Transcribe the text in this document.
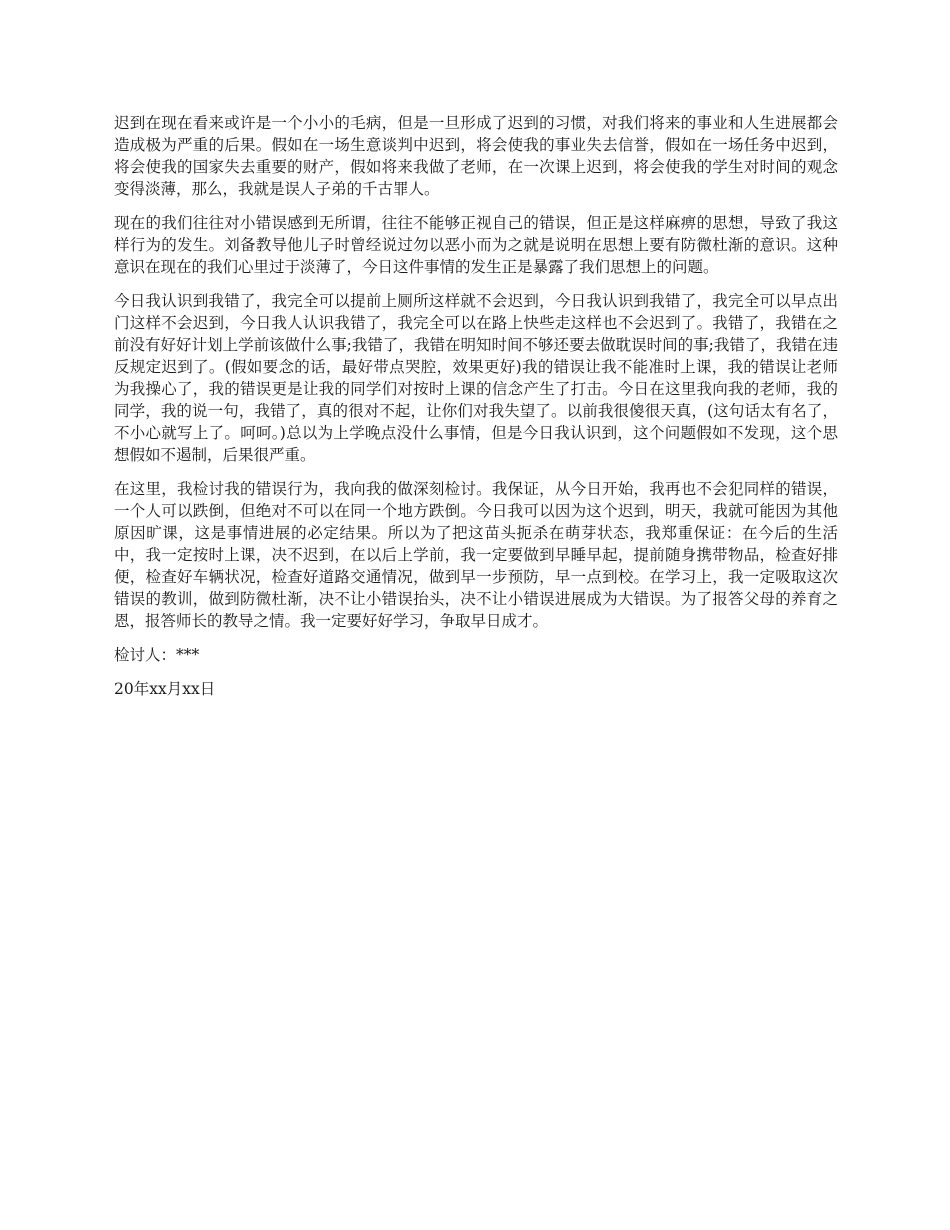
迟到在现在看来或许是一个小小的毛病，但是一旦形成了迟到的习惯，对我们将来的事业和人生进展都会造成极为严重的后果。假如在一场生意谈判中迟到，将会使我的事业失去信誉，假如在一场任务中迟到，将会使我的国家失去重要的财产，假如将来我做了老师，在一次课上迟到，将会使我的学生对时间的观念变得淡薄，那么，我就是误人子弟的千古罪人。

现在的我们往往对小错误感到无所谓，往往不能够正视自己的错误，但正是这样麻痹的思想，导致了我这样行为的发生。刘备教导他儿子时曾经说过勿以恶小而为之就是说明在思想上要有防微杜渐的意识。这种意识在现在的我们心里过于淡薄了，今日这件事情的发生正是暴露了我们思想上的问题。

今日我认识到我错了，我完全可以提前上厕所这样就不会迟到，今日我认识到我错了，我完全可以早点出门这样不会迟到，今日我人认识我错了，我完全可以在路上快些走这样也不会迟到了。我错了，我错在之前没有好好计划上学前该做什么事;我错了，我错在明知时间不够还要去做耽误时间的事;我错了，我错在违反规定迟到了。(假如要念的话，最好带点哭腔，效果更好)我的错误让我不能准时上课，我的错误让老师为我操心了，我的错误更是让我的同学们对按时上课的信念产生了打击。今日在这里我向我的老师，我的同学，我的说一句，我错了，真的很对不起，让你们对我失望了。以前我很傻很天真，(这句话太有名了，不小心就写上了。呵呵。)总以为上学晚点没什么事情，但是今日我认识到，这个问题假如不发现，这个思想假如不遏制，后果很严重。

在这里，我检讨我的错误行为，我向我的做深刻检讨。我保证，从今日开始，我再也不会犯同样的错误，一个人可以跌倒，但绝对不可以在同一个地方跌倒。今日我可以因为这个迟到，明天，我就可能因为其他原因旷课，这是事情进展的必定结果。所以为了把这苗头扼杀在萌芽状态，我郑重保证：在今后的生活中，我一定按时上课，决不迟到，在以后上学前，我一定要做到早睡早起，提前随身携带物品，检查好排便，检查好车辆状况，检查好道路交通情况，做到早一步预防，早一点到校。在学习上，我一定吸取这次错误的教训，做到防微杜渐，决不让小错误抬头，决不让小错误进展成为大错误。为了报答父母的养育之恩，报答师长的教导之情。我一定要好好学习，争取早日成才。

检讨人：***

20年xx月xx日
